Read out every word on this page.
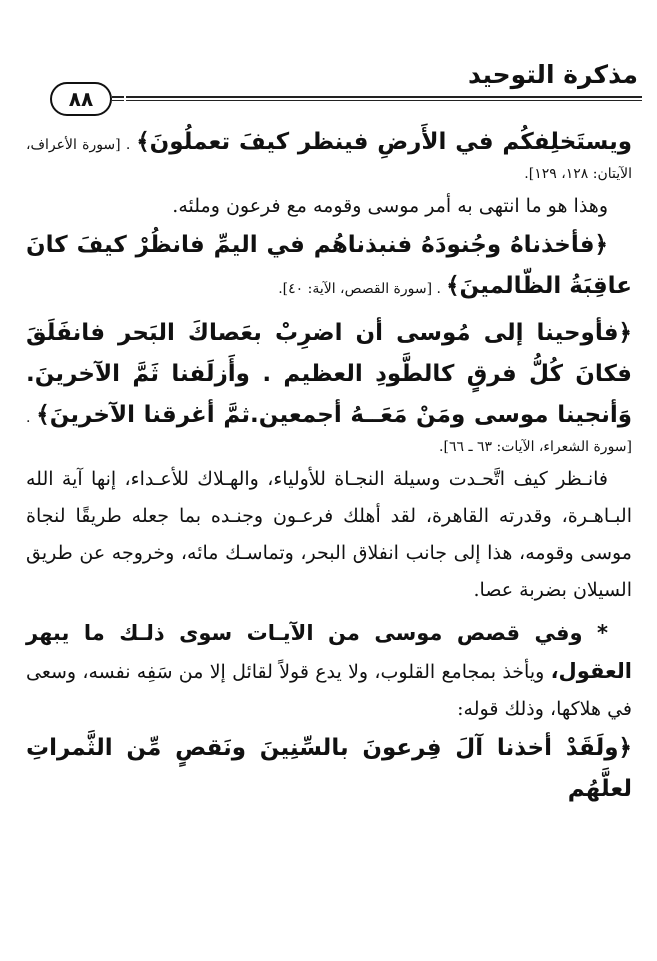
مذكرة التوحيد
٨٨

ويستَخلِفكُم في الأَرضِ فينظر كيفَ تعملُونَ﴾ . [سورة الأعراف، الآيتان: ١٢٨، ١٢٩].

وهذا هو ما انتهى به أمر موسى وقومه مع فرعون وملئه.

﴿فأخذناهُ وجُنودَهُ فنبذناهُم في اليمِّ فانظُرْ كيفَ كانَ عاقِبَةُ الظّالمينَ﴾ . [سورة القصص، الآية: ٤٠].

﴿فأوحينا إلى مُوسى أن اضرِبْ بعَصاكَ البَحر فانفَلَقَ فكانَ كُلُّ فرقٍ كالطَّودِ العظيم . وأَزلَفنا ثَمَّ الآخرينَ. وَأنجينا موسى ومَنْ مَعَــهُ أجمعين.ثمَّ أغرقنا الآخرينَ﴾ . [سورة الشعراء، الآيات: ٦٣ ـ ٦٦].

فانـظر كيف اتَّحـدت وسيلة النجـاة للأولياء، والهـلاك للأعـداء، إنها آية الله البـاهـرة، وقدرته القاهرة، لقد أهلك فرعـون وجنـده بما جعله طريقًا لنجاة موسى وقومه، هذا إلى جانب انفلاق البحر، وتماسـك مائه، وخروجه عن طريق السيلان بضربة عصا.

* وفي قصص موسى من الآيـات سوى ذلـك ما يبهر العقول، ويأخذ بمجامع القلوب، ولا يدع قولاً لقائل إلا من سَفِه نفسه، وسعى في هلاكها، وذلك قوله:

﴿ولَقَدْ أخذنا آلَ فِرعونَ بالسِّنِينَ ونَقصٍ مِّن الثَّمراتِ لعلَّهُم
